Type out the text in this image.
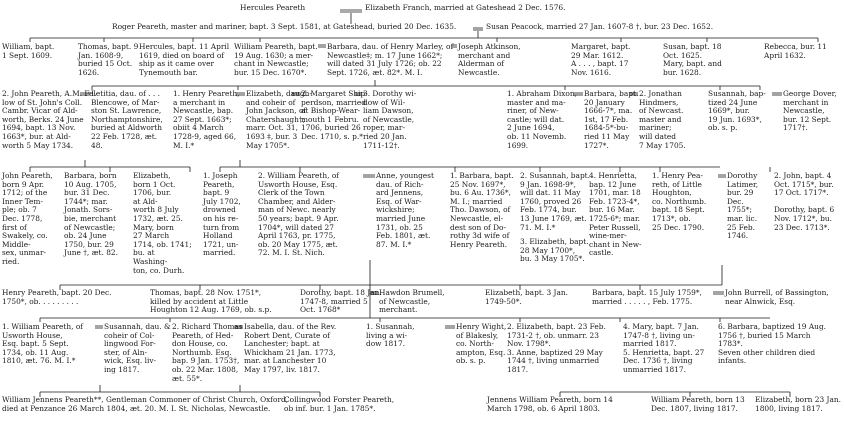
Hercules Peareth	Elizabeth Franch, married at Gateshead 2 Dec. 1576.
Roger Peareth, master and mariner, bapt. 3 Sept. 1581, at Gateshead, buried 20 Dec. 1635.	Susan Peacock, married 27 Jan. 1607-8 †, bur. 23 Dec. 1652.
William, bapt.
1 Sept. 1609.
Thomas, bapt. 9
Jan. 1608-9,
buried 15 Oct.
1626.
Hercules, bapt. 11 April
1619, died on board of
ship as it came over
Tynemouth bar.
William Peareth, bapt.
19 Aug. 1630; a mer-
chant in Newcastle;
bur. 15 Dec. 1670*.
Barbara, dau. of Henry Marley, of
Newcastle‡; m. 17 June 1662*;
will dated 31 July 1726; ob. 22
Sept. 1726, æt. 82*. M. I.
Joseph Atkinson,
merchant and
Alderman of
Newcastle.
Margaret, bapt.
29 Mar. 1612.
A . . . , bapt. 17
Nov. 1616.
Susan, bapt. 18
Oct. 1625.
Mary, bapt. and
bur. 1628.
Rebecca, bur. 11
April 1632.
2. John Peareth, A.M. Fel-
low of St. John's Coll.
Cambr. Vicar of Ald-
worth, Berks. 24 June
1694, bapt. 13 Nov.
1663*, bur. at Ald-
worth 5 May 1734.
Letitia, dau. of . . .
Blencowe, of Mar-
ston St. Lawrence,
Northamptonshire,
buried at Aldworth
22 Feb. 1728, æt.
48.
1. Henry Peareth,
a merchant in
Newcastle, bap.
27 Sept. 1663*;
obiit 4 March
1728-9, aged 66,
M. I.*
Elizabeth, daugh-
and coheir of
John Jackson, of
Chatershaugh†;
marr. Oct. 31,
1693 ‡, bur. 3
May 1705*.
2. Margaret Ship-
perdson, married
at Bishop-Wear-
mouth 1 Febru.
1706, buried 26
Dec. 1710, s. p.*
3. Dorothy wi-
dow of Wil-
liam Dawson,
of Newcastle,
roper, mar-
ried 20 Jan.
1711-12†.
1. Abraham Dixon,
master and ma-
riner, of New-
castle; will dat.
2 June 1694,
ob. 11 Novemb.
1699.
Barbara, bapt.
20 January
1666-7*, ma.
1st, 17 Feb.
1684-5*-bu-
ried 11 May
1727*.
2. Jonathan
Hindmers,
of Newcast.
master and
mariner;
will dated
7 May 1705.
Susannah, bap-
tized 24 June
1669*, bur.
19 Jun. 1693*,
ob. s. p.
George Dover,
merchant in
Newcastle,
bur. 12 Sept.
1717†.
John Peareth,
born 9 Apr.
1712; of the
Inner Tem-
ple; ob. 7
Dec. 1778,
first of
Swakely, co.
Middle-
sex, unmar-
ried.
Barbara, born
10 Aug. 1705,
bur. 31 Dec.
1744*; mar.
Jonath. Sors-
bie, merchant
of Newcastle;
ob. 24 June
1750, bur. 29
June †, æt. 82.
Elizabeth,
born 1 Oct.
1706, bur.
at Ald-
worth 8 July
1732, æt. 25.
Mary, born
27 March
1714, ob. 1741;
bu. at
Washing-
ton, co. Durh.
1. Joseph
Peareth,
bapt. 9
July 1702,
drowned
on his re-
turn from
Holland
1721, un-
married.
2. William Peareth, of
Usworth House, Esq.
Clerk of the Town
Chamber, and Alder-
man of Newc. nearly
50 years; bapt. 9 Apr.
1704*, will dated 27
April 1763, pr. 1775,
ob. 20 May 1775, æt.
72. M. I. St. Nich.
Anne, youngest
dau. of Rich-
ard Jennens,
Esq. of War-
wickshire;
married June
1731, ob. 25
Feb. 1801, æt.
87. M. I.*
1. Barbara, bapt.
25 Nov. 1697*,
bu. 6 Au. 1736*,
M. I.; married
Tho. Dawson, of
Newcastle, el-
dest son of Do-
rothy 3d wife of
Henry Peareth.
2. Susannah, bapt.
9 Jan. 1698-9*,
will dat. 11 May
1760, proved 26
Feb. 1774, bur.
13 June 1769, æt.
71. M. I.*
3. Elizabeth, bapt.
28 May 1700*,
bu. 3 May 1705*.
4. Henrietta,
bap. 12 June
1701, mar. 18
Feb. 1723-4*,
bur. 16 Mar.
1725-6*; mar.
Peter Russell,
wine-mer-
chant in New-
castle.
1. Henry Pea-
reth, of Little
Houghton,
co. Northumb.
bapt. 18 Sept.
1713*, ob.
25 Dec. 1790.
Dorothy
Latimer,
bur. 29
Dec.
1755*;
mar. lic.
25 Feb.
1746.
2. John, bapt. 4
Oct. 1715*, bur.
17 Oct. 1717*.

Dorothy, bapt. 6
Nov. 1712*, bu.
23 Dec. 1713*.
Henry Peareth, bapt. 20 Dec.
1750*, ob. . . . . . . . .
Thomas, bapt. 28 Nov. 1751*,
killed by accident at Little
Houghton 12 Aug. 1769, ob. s.p.
Dorothy, bapt. 18 Jan.
1747-8, married 5
Oct. 1768*
Hawdon Brumell,
of Newcastle,
merchant.
Elizabeth, bapt. 3 Jan.
1749-50*.
Barbara, bapt. 15 July 1759*,
married . . . . . , Feb. 1775.
John Burrell, of Bassington,
near Alnwick, Esq.
1. William Peareth, of
Usworth House,
Esq. bapt. 5 Sept.
1734, ob. 11 Aug.
1810, æt. 76. M. I.*
Susannah, dau. &
coheir of Col-
lingwood For-
ster, of Aln-
wick, Esq. liv-
ing 1817.
2. Richard Thomas
Peareth, of Hed-
don House, co.
Northumb. Esq.
bap. 9 Jan. 1753†,
ob. 22 Mar. 1808,
æt. 55*.
Isabella, dau. of the Rev.
Robert Dent, Curate of
Lanchester; bapt. at
Whickham 21 Jan. 1773,
mar. at Lanchester 10
May 1797, liv. 1817.
1. Susannah,
living a wi-
dow 1817.
Henry Wight,
of Blakesly,
co. North-
ampton, Esq.
ob. s. p.
2. Elizabeth, bapt. 23 Feb.
1731-2 †, ob. unmarr. 23
Nov. 1798*.
3. Anne, baptized 29 May
1744 †, living unmarried
1817.
4. Mary, bapt. 7 Jan.
1747-8 †, living un-
married 1817.
5. Henrietta, bapt. 27
Dec. 1736 †, living
unmarried 1817.
6. Barbara, baptized 19 Aug.
1756 †, buried 15 March
1783*.
Seven other children died
infants.
William Jennens Peareth**, Gentleman Commoner of Christ Church, Oxford,
died at Penzance 26 March 1804, æt. 20. M. I. St. Nicholas, Newcastle.
Collingwood Forster Peareth,
ob inf. bur. 1 Jan. 1785*.
Jennens William Peareth, born 14
March 1798, ob. 6 April 1803.
William Peareth, born 13
Dec. 1807, living 1817.
Elizabeth, born 23 Jan.
1800, living 1817.
